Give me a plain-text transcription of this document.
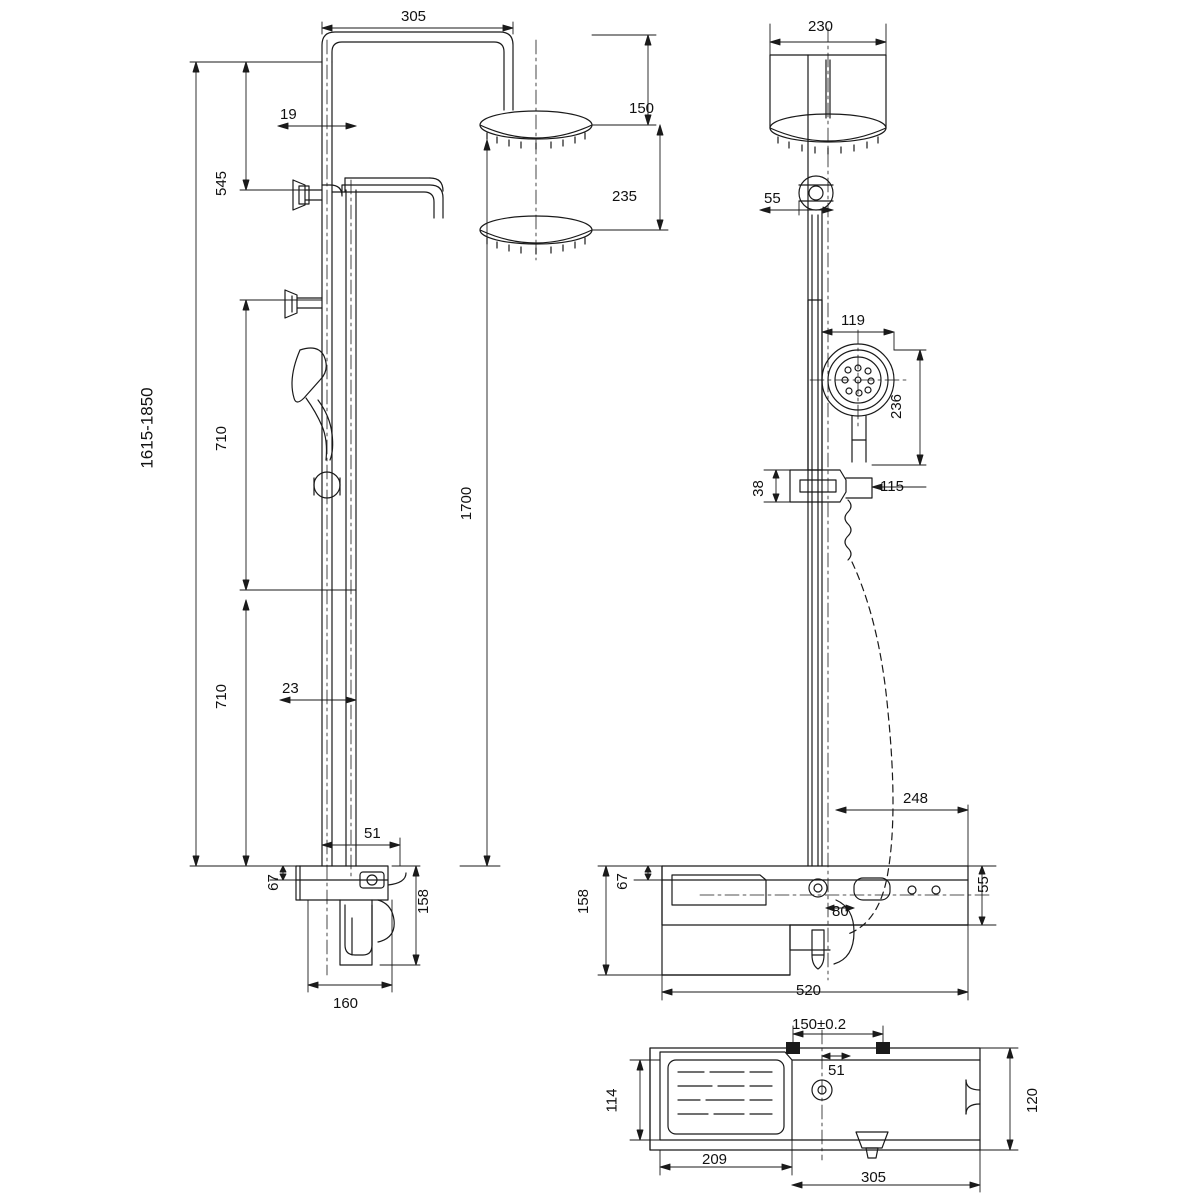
305
19	150
235
545
1615-1850	710
710
1700
23
51
67
158
160
230
55
119
236
38	115
248
67
158
55
80
520
150±0.2
51
114	120
209
305
